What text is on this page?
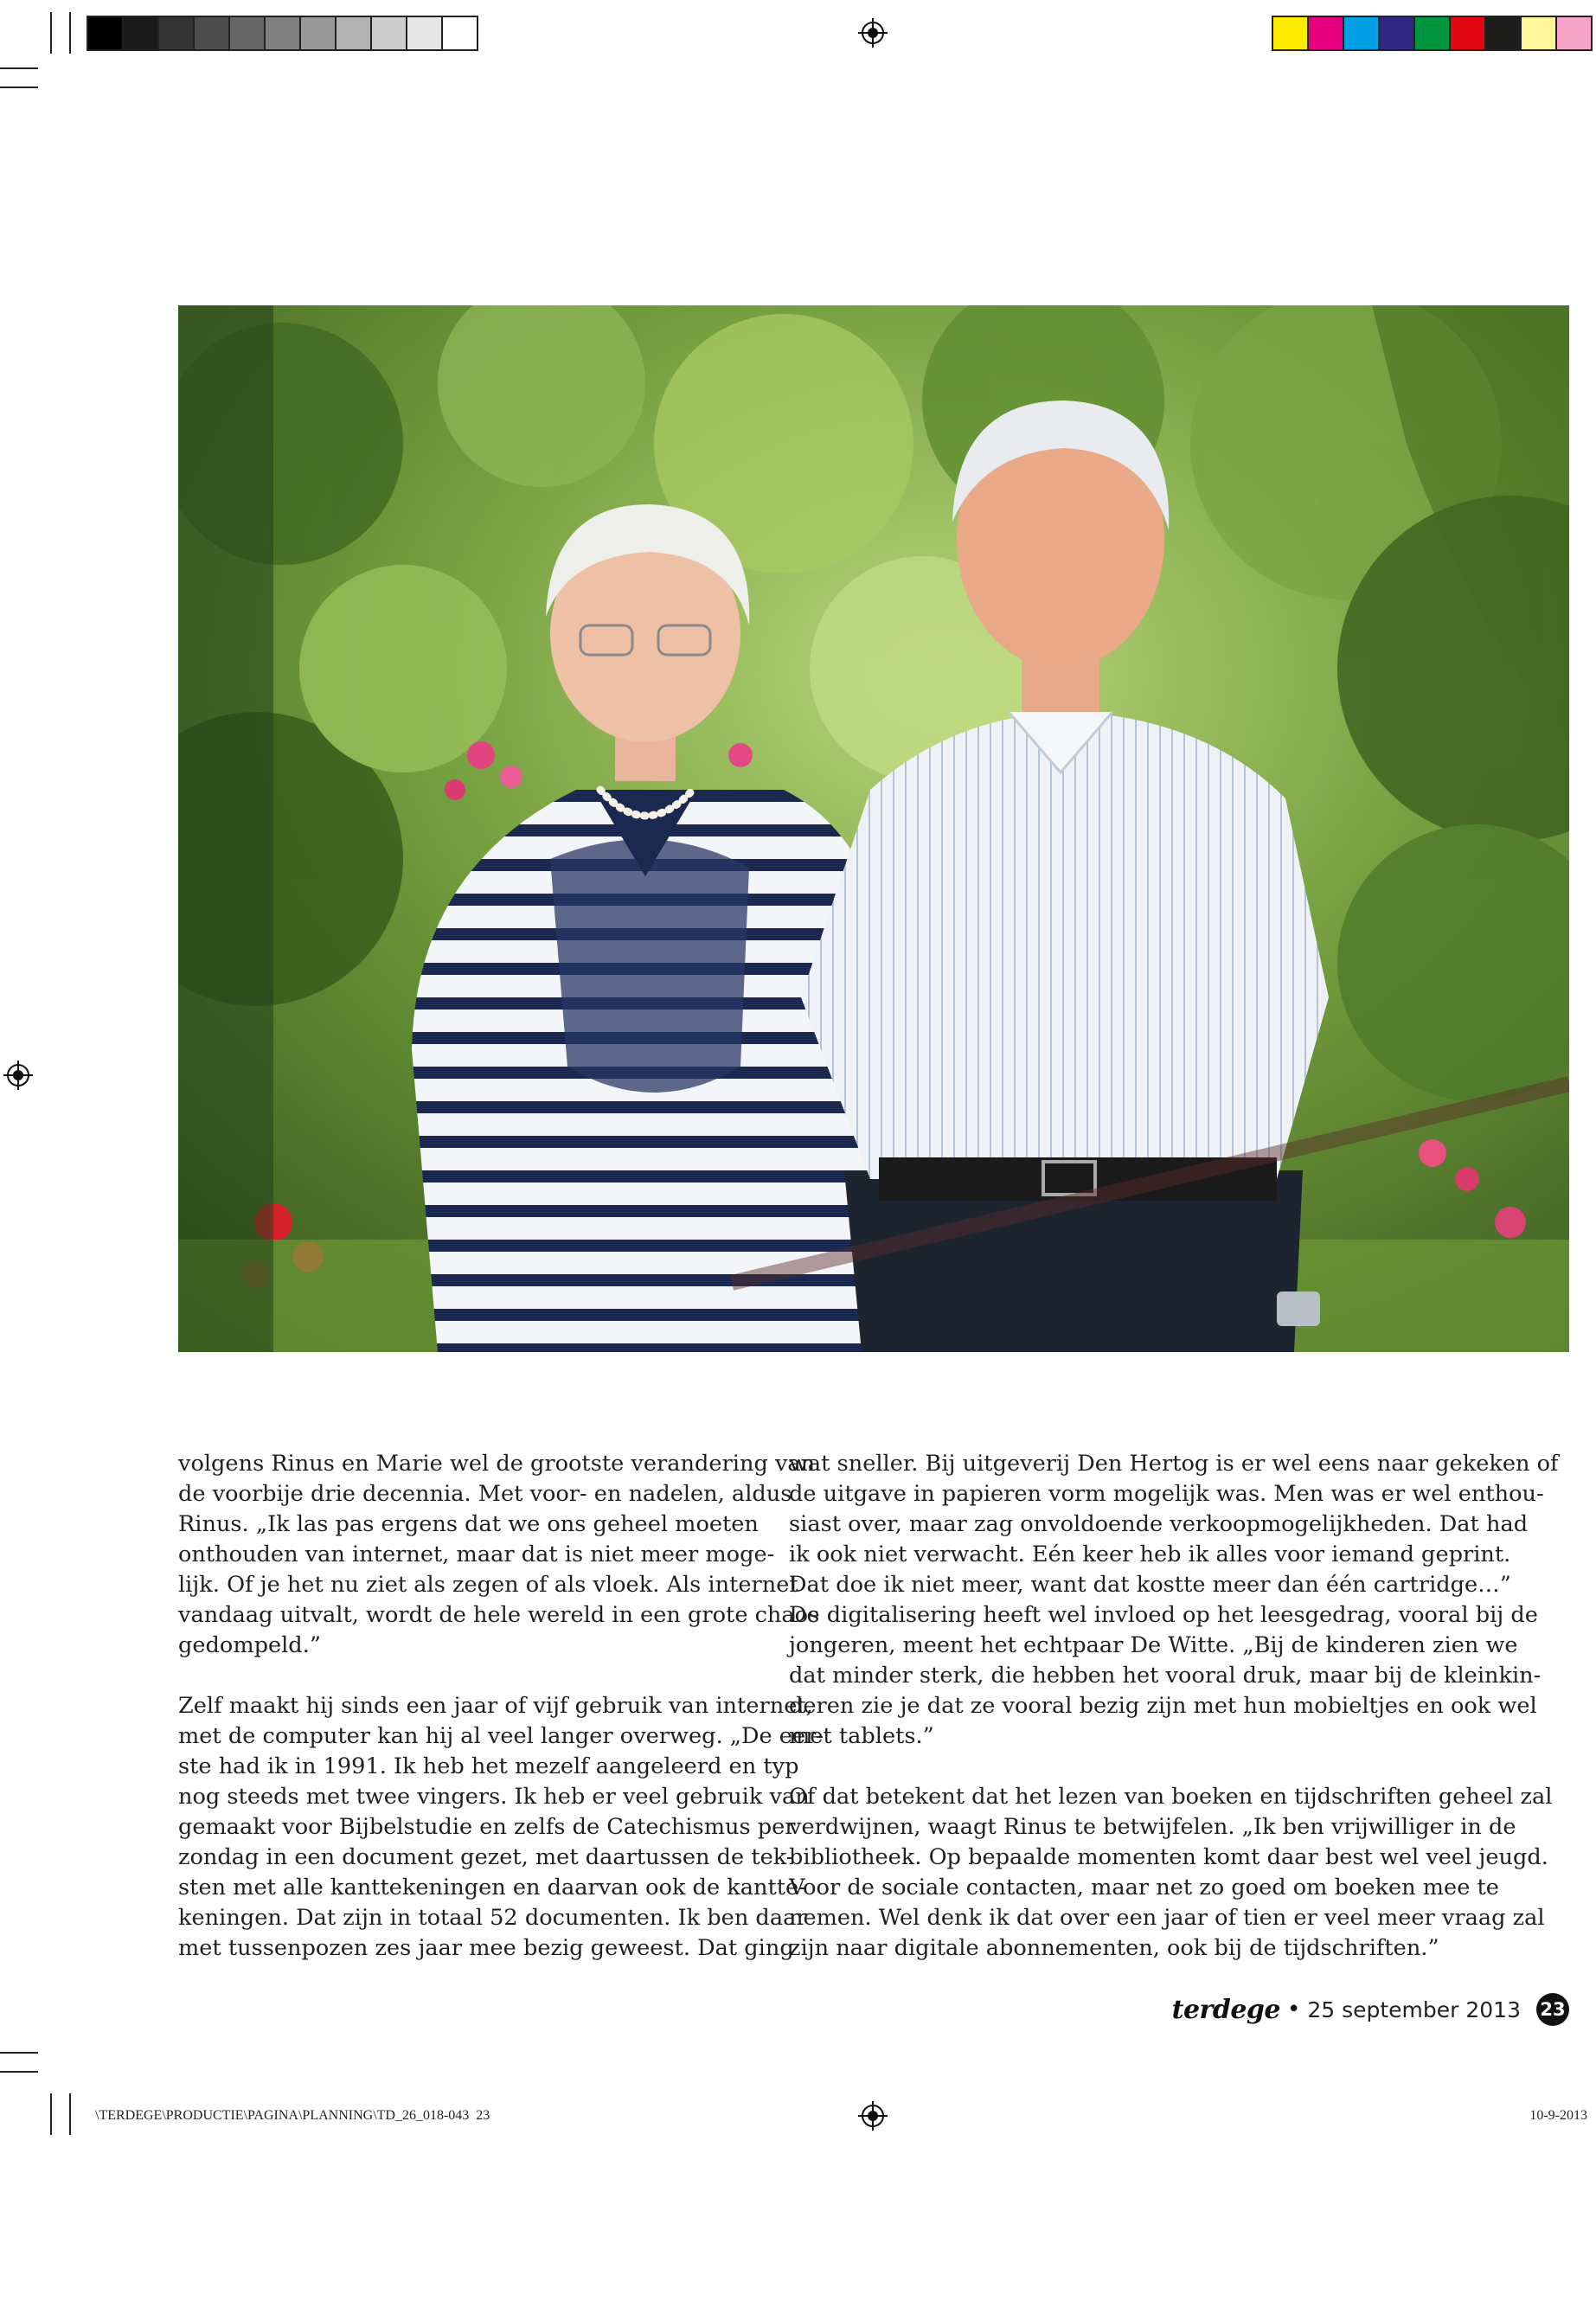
volgens Rinus en Marie wel de grootste verandering van
de voorbije drie decennia. Met voor- en nadelen, aldus
Rinus. „Ik las pas ergens dat we ons geheel moeten
onthouden van internet, maar dat is niet meer moge-
lijk. Of je het nu ziet als zegen of als vloek. Als internet
vandaag uitvalt, wordt de hele wereld in een grote chaos
gedompeld.”

Zelf maakt hij sinds een jaar of vijf gebruik van internet,
met de computer kan hij al veel langer overweg. „De eer-
ste had ik in 1991. Ik heb het mezelf aangeleerd en typ
nog steeds met twee vingers. Ik heb er veel gebruik van
gemaakt voor Bijbelstudie en zelfs de Catechismus per
zondag in een document gezet, met daartussen de tek-
sten met alle kanttekeningen en daarvan ook de kantte-
keningen. Dat zijn in totaal 52 documenten. Ik ben daar
met tussenpozen zes jaar mee bezig geweest. Dat ging

wat sneller. Bij uitgeverij Den Hertog is er wel eens naar gekeken of
de uitgave in papieren vorm mogelijk was. Men was er wel enthou-
siast over, maar zag onvoldoende verkoopmogelijkheden. Dat had
ik ook niet verwacht. Eén keer heb ik alles voor iemand geprint.
Dat doe ik niet meer, want dat kostte meer dan één cartridge…”
De digitalisering heeft wel invloed op het leesgedrag, vooral bij de
jongeren, meent het echtpaar De Witte. „Bij de kinderen zien we
dat minder sterk, die hebben het vooral druk, maar bij de kleinkin-
deren zie je dat ze vooral bezig zijn met hun mobieltjes en ook wel
met tablets.”

Of dat betekent dat het lezen van boeken en tijdschriften geheel zal
verdwijnen, waagt Rinus te betwijfelen. „Ik ben vrijwilliger in de
bibliotheek. Op bepaalde momenten komt daar best wel veel jeugd.
Voor de sociale contacten, maar net zo goed om boeken mee te
nemen. Wel denk ik dat over een jaar of tien er veel meer vraag zal
zijn naar digitale abonnementen, ook bij de tijdschriften.”

terdege • 25 september 2013 23
\TERDEGE\PRODUCTIE\PAGINA\PLANNING\TD_26_018-043 23	10-9-2013
